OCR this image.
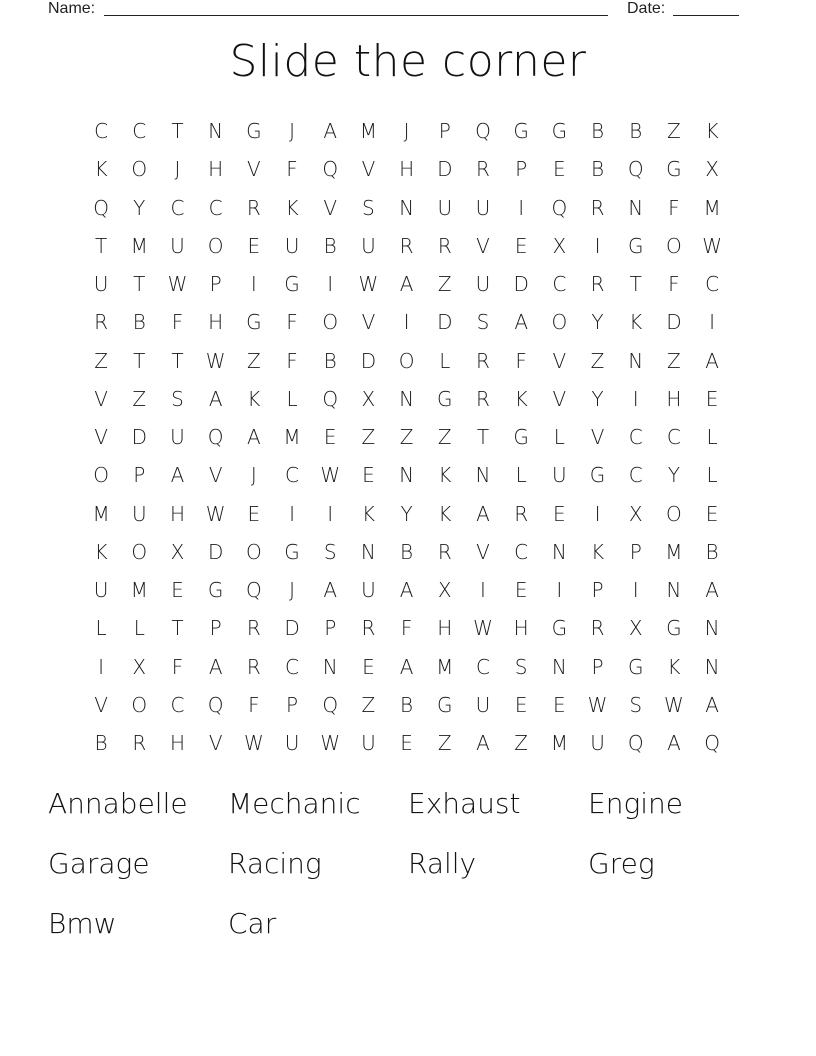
Name:	Date:
Slide the corner
C	C	T	N	G	J	A	M	J	P	Q	G	G	B	B	Z	K
K	O	J	H	V	F	Q	V	H	D	R	P	E	B	Q	G	X
Q	Y	C	C	R	K	V	S	N	U	U	I	Q	R	N	F	M
T	M	U	O	E	U	B	U	R	R	V	E	X	I	G	O	W
U	T	W	P	I	G	I	W	A	Z	U	D	C	R	T	F	C
R	B	F	H	G	F	O	V	I	D	S	A	O	Y	K	D	I
Z	T	T	W	Z	F	B	D	O	L	R	F	V	Z	N	Z	A
V	Z	S	A	K	L	Q	X	N	G	R	K	V	Y	I	H	E
V	D	U	Q	A	M	E	Z	Z	Z	T	G	L	V	C	C	L
O	P	A	V	J	C	W	E	N	K	N	L	U	G	C	Y	L
M	U	H	W	E	I	I	K	Y	K	A	R	E	I	X	O	E
K	O	X	D	O	G	S	N	B	R	V	C	N	K	P	M	B
U	M	E	G	Q	J	A	U	A	X	I	E	I	P	I	N	A
L	L	T	P	R	D	P	R	F	H	W	H	G	R	X	G	N
I	X	F	A	R	C	N	E	A	M	C	S	N	P	G	K	N
V	O	C	Q	F	P	Q	Z	B	G	U	E	E	W	S	W	A
B	R	H	V	W	U	W	U	E	Z	A	Z	M	U	Q	A	Q
Annabelle	Mechanic	Exhaust	Engine
Garage	Racing	Rally	Greg
Bmw	Car
